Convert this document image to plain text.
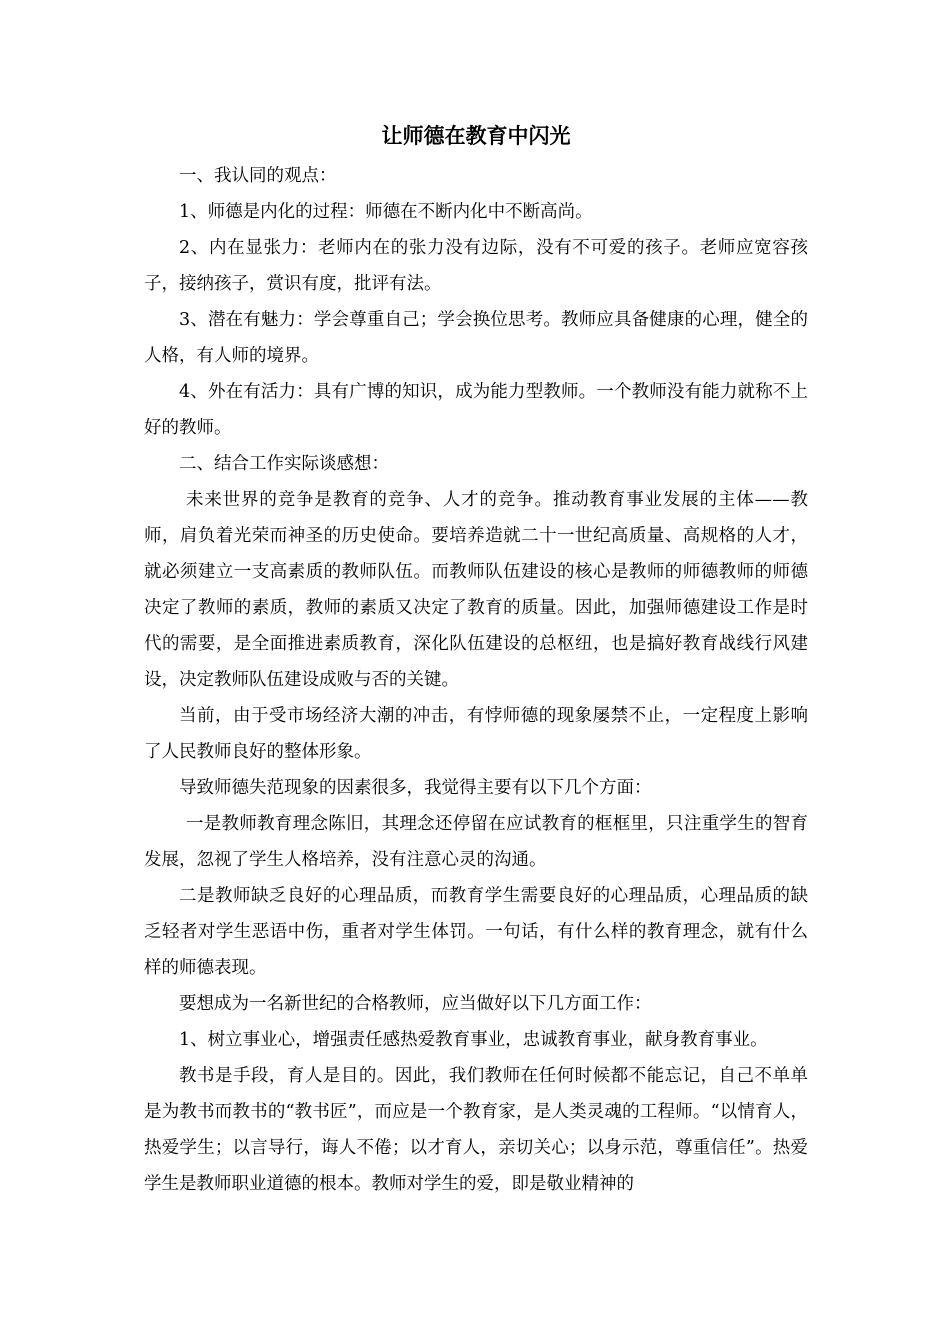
让师德在教育中闪光

一、我认同的观点：

1、师德是内化的过程：师德在不断内化中不断高尚。

2、内在显张力：老师内在的张力没有边际，没有不可爱的孩子。老师应宽容孩子，接纳孩子，赏识有度，批评有法。

3、潜在有魅力：学会尊重自己；学会换位思考。教师应具备健康的心理，健全的人格，有人师的境界。

4、外在有活力：具有广博的知识，成为能力型教师。一个教师没有能力就称不上好的教师。

二、结合工作实际谈感想：

未来世界的竞争是教育的竞争、人才的竞争。推动教育事业发展的主体——教师，肩负着光荣而神圣的历史使命。要培养造就二十一世纪高质量、高规格的人才，就必须建立一支高素质的教师队伍。而教师队伍建设的核心是教师的师德教师的师德决定了教师的素质，教师的素质又决定了教育的质量。因此，加强师德建设工作是时代的需要，是全面推进素质教育，深化队伍建设的总枢纽，也是搞好教育战线行风建设，决定教师队伍建设成败与否的关键。

当前，由于受市场经济大潮的冲击，有悖师德的现象屡禁不止，一定程度上影响了人民教师良好的整体形象。

导致师德失范现象的因素很多，我觉得主要有以下几个方面：

一是教师教育理念陈旧，其理念还停留在应试教育的框框里，只注重学生的智育发展，忽视了学生人格培养，没有注意心灵的沟通。

二是教师缺乏良好的心理品质，而教育学生需要良好的心理品质，心理品质的缺乏轻者对学生恶语中伤，重者对学生体罚。一句话，有什么样的教育理念，就有什么样的师德表现。

要想成为一名新世纪的合格教师，应当做好以下几方面工作：

1、树立事业心，增强责任感热爱教育事业，忠诚教育事业，献身教育事业。

教书是手段，育人是目的。因此，我们教师在任何时候都不能忘记，自己不单单是为教书而教书的“教书匠”，而应是一个教育家，是人类灵魂的工程师。“以情育人，热爱学生；以言导行，诲人不倦；以才育人，亲切关心；以身示范，尊重信任”。热爱学生是教师职业道德的根本。教师对学生的爱，即是敬业精神的
